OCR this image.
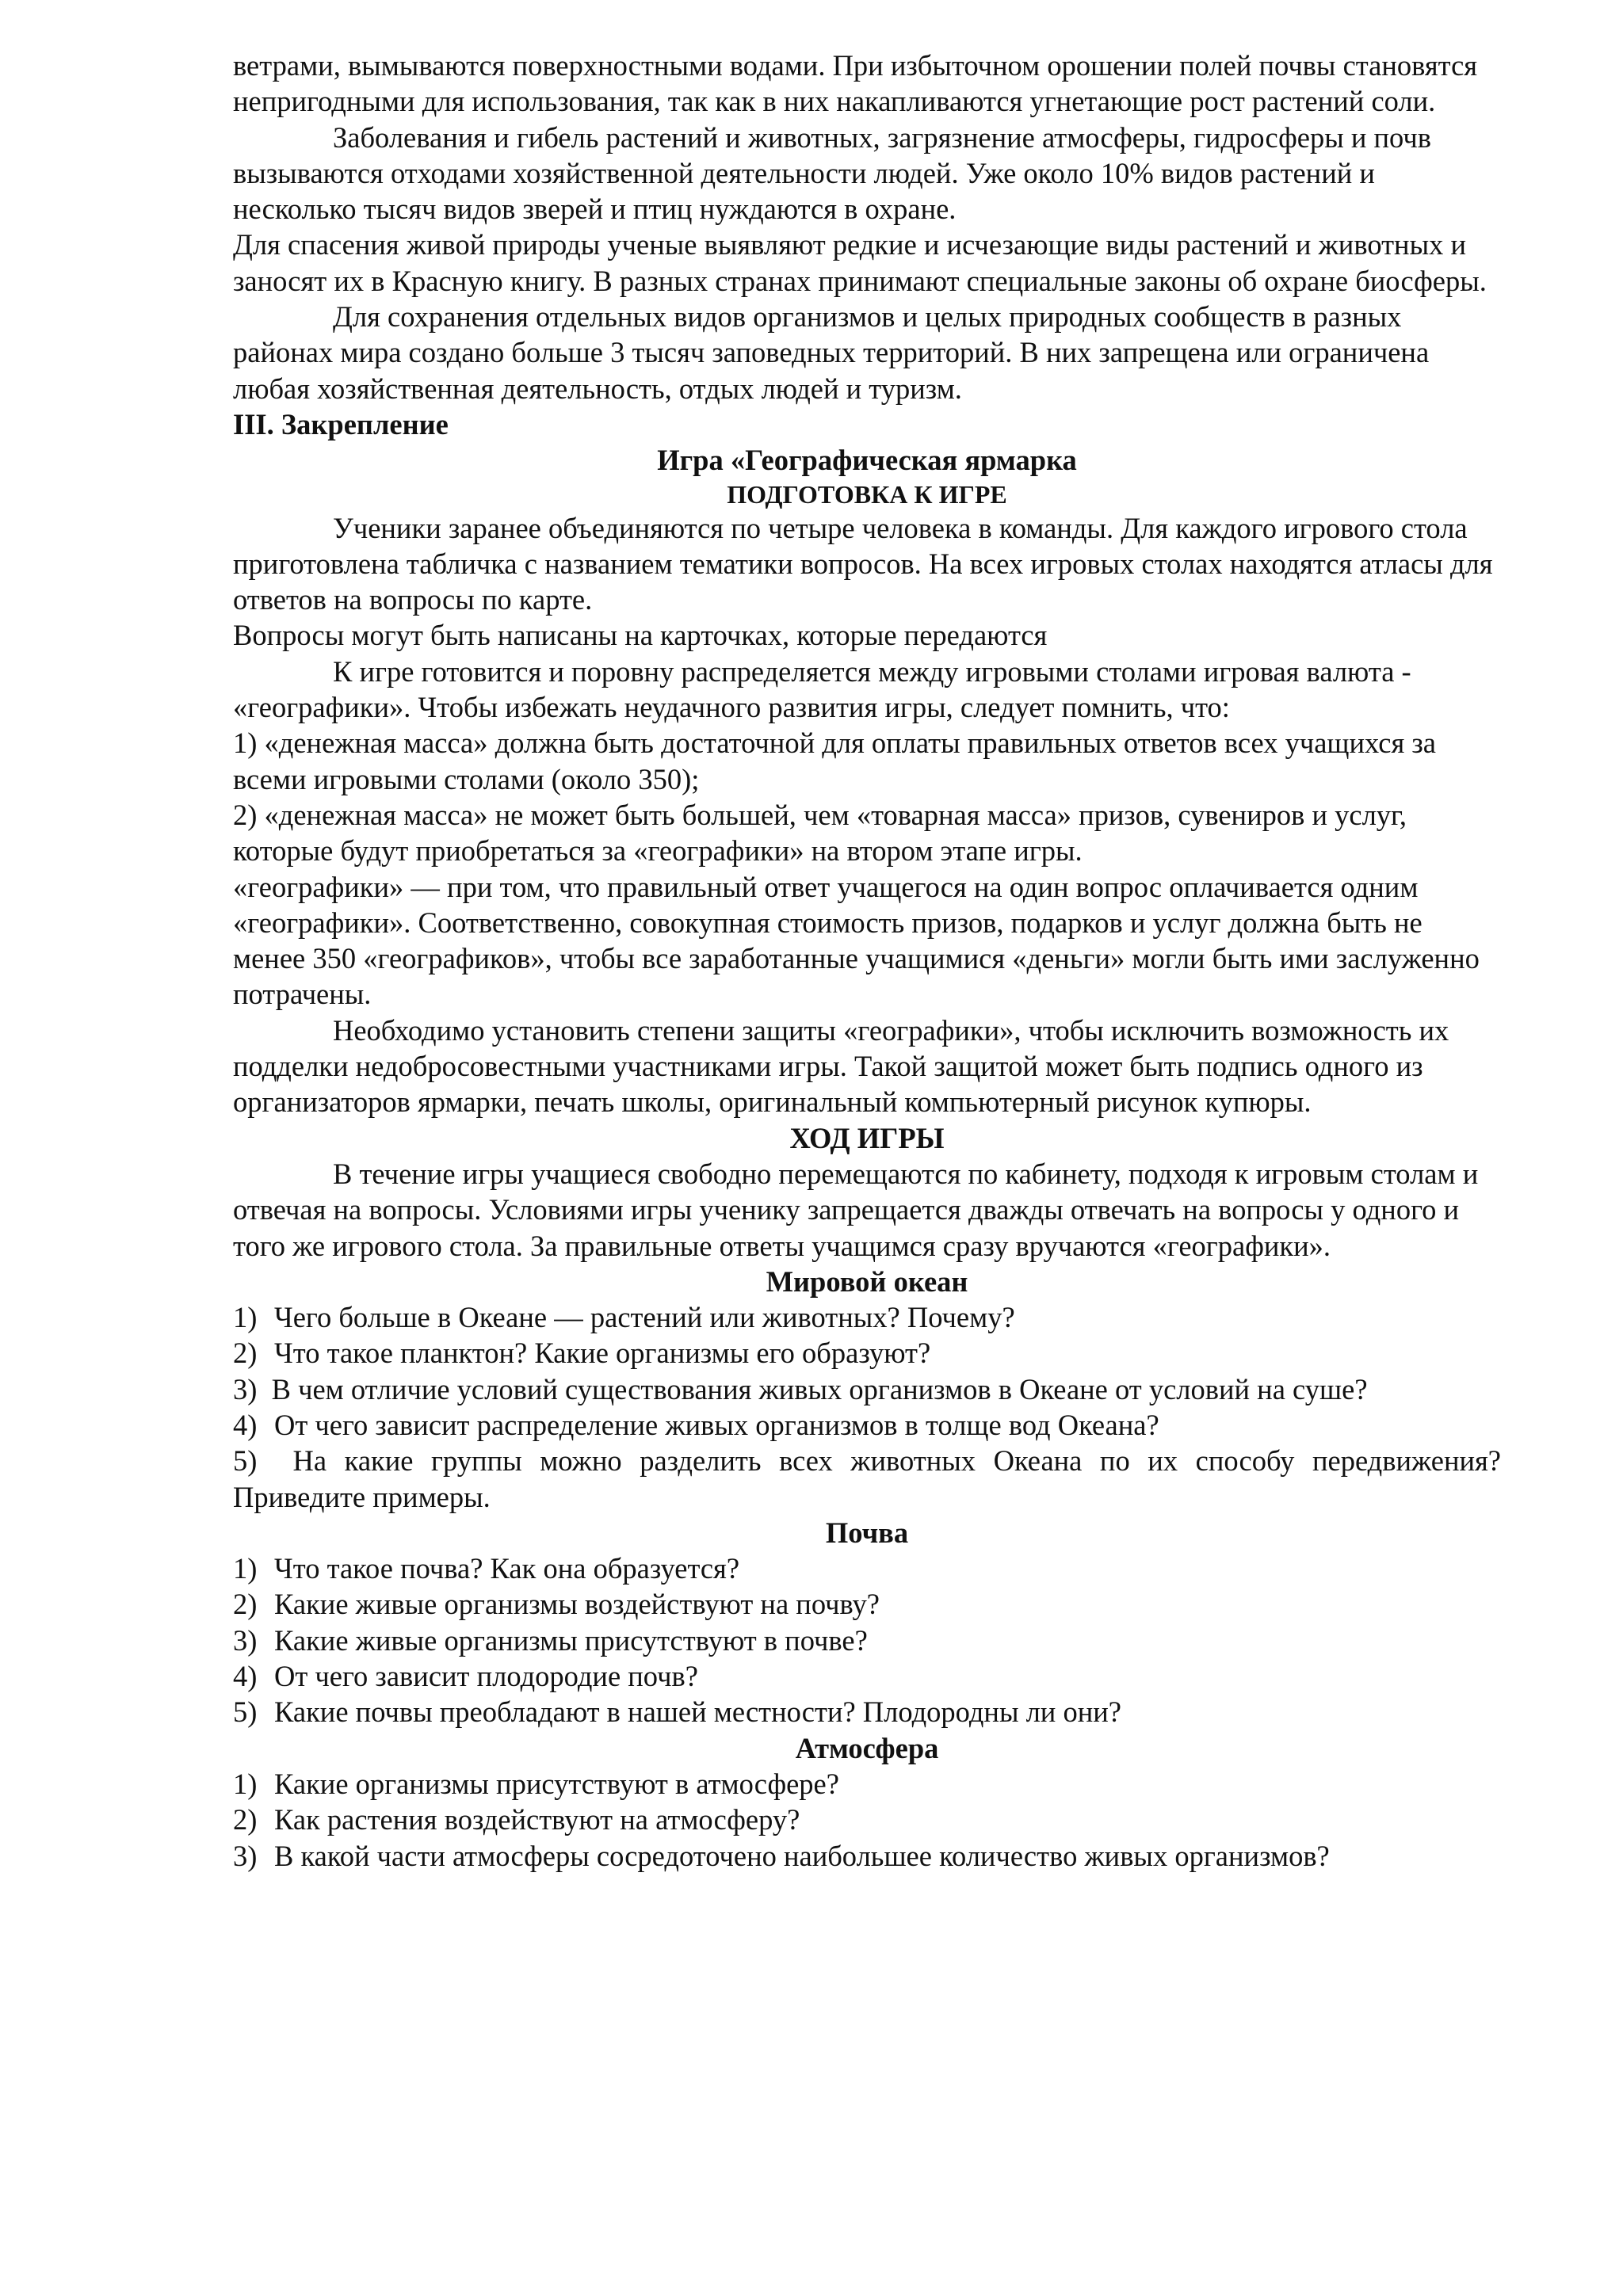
ветрами, вымываются поверхностными водами. При избыточном орошении полей почвы становятся непригодными для использования, так как в них накапливаются угнетающие рост растений соли.

Заболевания и гибель растений и животных, загрязнение атмосферы, гидросферы и почв вызываются отходами хозяйственной деятельности людей. Уже около 10% видов растений и несколько тысяч видов зверей и птиц нуждаются в охране.

Для спасения живой природы ученые выявляют редкие и исчезающие виды растений и животных и заносят их в Красную книгу. В разных странах принимают специальные законы об охране биосферы.

Для сохранения отдельных видов организмов и целых природных сообществ в разных районах мира создано больше 3 тысяч заповедных территорий. В них запрещена или ограничена любая хозяйственная деятельность, отдых людей и туризм.

III. Закрепление

Игра «Географическая ярмарка

ПОДГОТОВКА К ИГРЕ

Ученики заранее объединяются по четыре человека в команды. Для каждого игрового стола приготовлена табличка с названием тематики вопросов. На всех игровых столах находятся атласы для ответов на вопросы по карте.

Вопросы могут быть написаны на карточках, которые передаются

К игре готовится и поровну распределяется между игровыми столами игровая валюта - «географики». Чтобы избежать неудачного развития игры, следует помнить, что:

1) «денежная масса» должна быть достаточной для оплаты правильных ответов всех учащихся за всеми игровыми столами (около 350);

2) «денежная масса» не может быть большей, чем «товарная масса» призов, сувениров и услуг, которые будут приобретаться за «географики» на втором этапе игры.

«географики» — при том, что правильный ответ учащегося на один вопрос оплачивается одним «географики». Соответственно, совокупная стоимость призов, подарков и услуг должна быть не менее 350 «географиков», чтобы все заработанные учащимися «деньги» могли быть ими заслуженно потрачены.

Необходимо установить степени защиты «географики», чтобы исключить возможность их подделки недобросовестными участниками игры. Такой защитой может быть подпись одного из организаторов ярмарки, печать школы, оригинальный компьютерный рисунок купюры.

ХОД ИГРЫ

В течение игры учащиеся свободно перемещаются по кабинету, подходя к игровым столам и отвечая на вопросы. Условиями игры ученику запрещается дважды отвечать на вопросы у одного и того же игрового стола. За правильные ответы учащимся сразу вручаются «географики».

Мировой океан

1) Чего больше в Океане — растений или животных? Почему?
2) Что такое планктон? Какие организмы его образуют?

3) В чем отличие условий существования живых организмов в Океане от условий на суше?

4) От чего зависит распределение живых организмов в толще вод Океана?

5) На какие группы можно разделить всех животных Океана по их способу передвижения? Приведите примеры.

Почва

1) Что такое почва? Как она образуется?
2) Какие живые организмы воздействуют на почву?
3) Какие живые организмы присутствуют в почве?
4) От чего зависит плодородие почв?
5) Какие почвы преобладают в нашей местности? Плодородны ли они?

Атмосфера

1) Какие организмы присутствуют в атмосфере?
2) Как растения воздействуют на атмосферу?
3) В какой части атмосферы сосредоточено наибольшее количество живых организмов?
